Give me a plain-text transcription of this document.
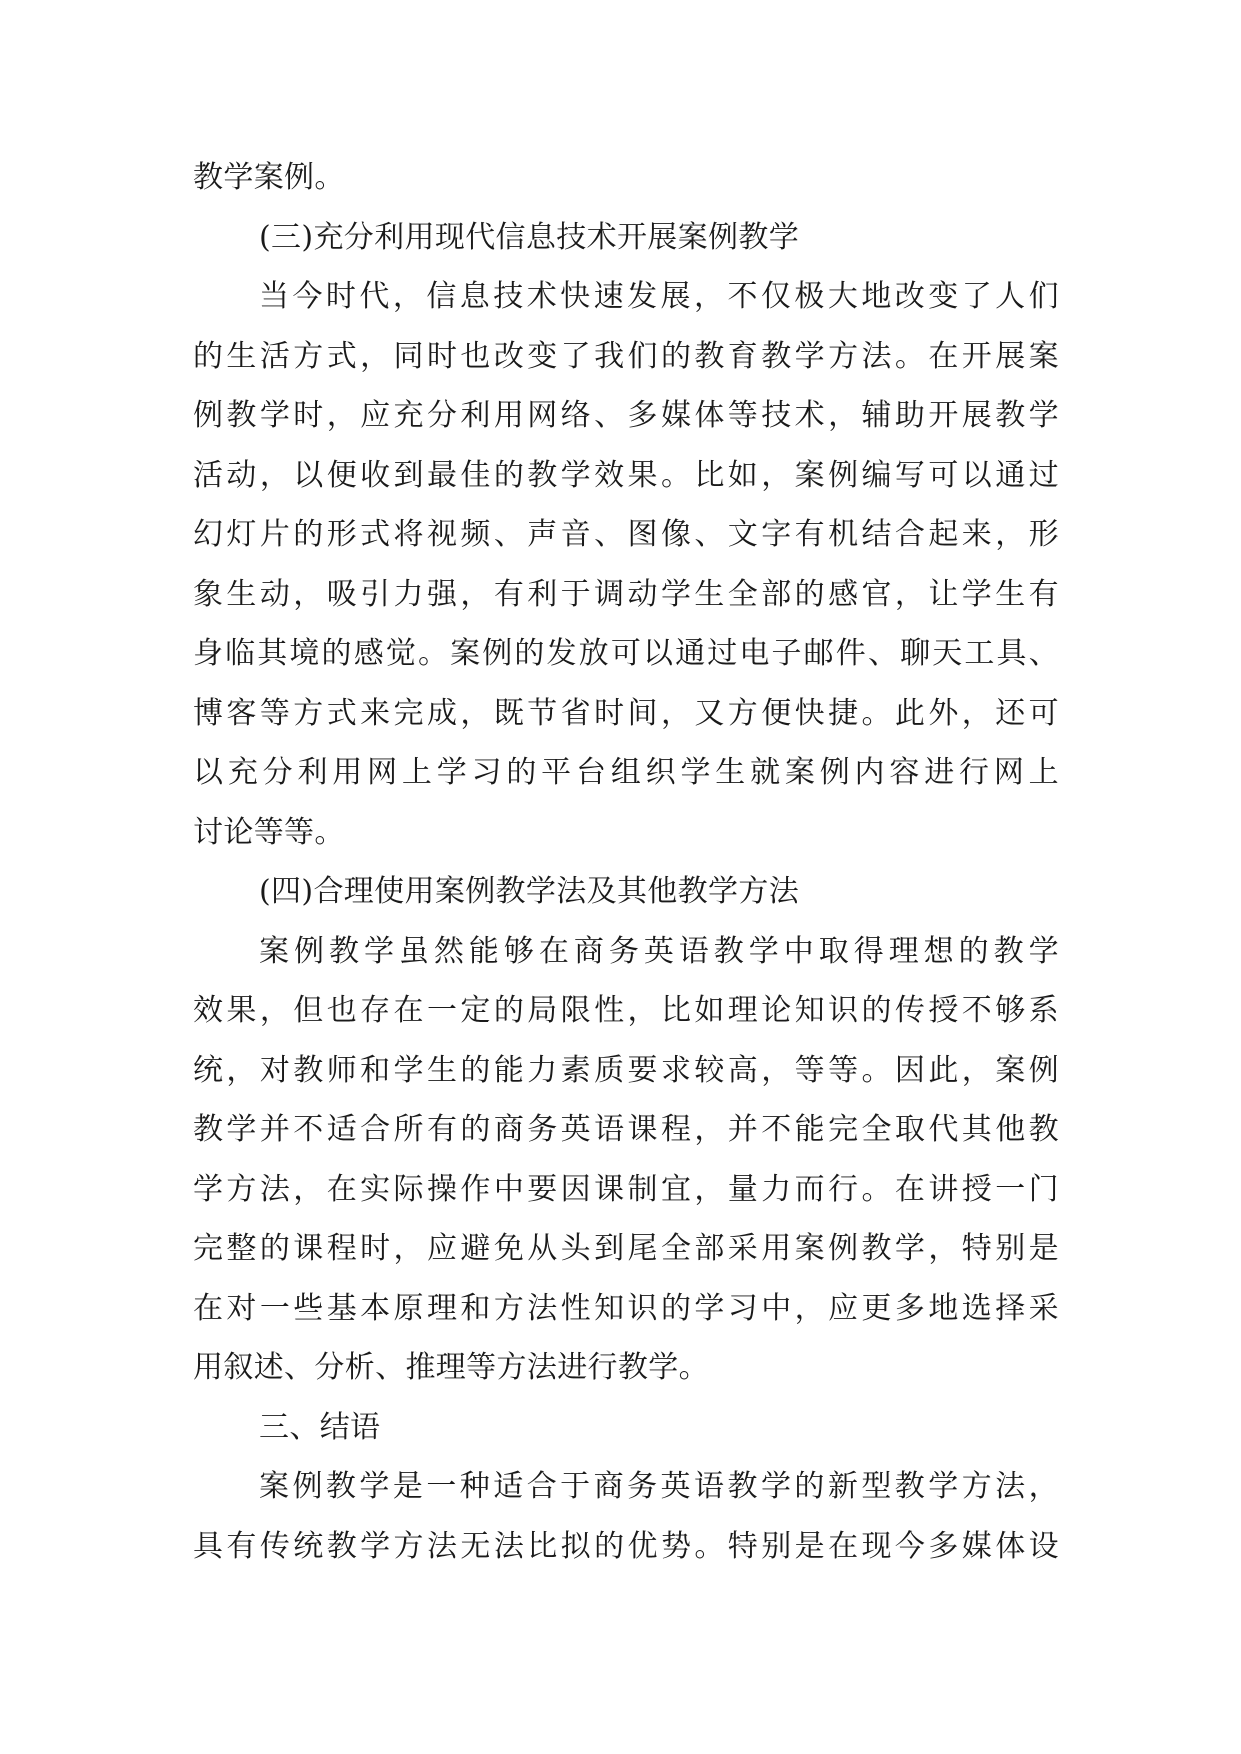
教学案例。
(三)充分利用现代信息技术开展案例教学
当今时代，信息技术快速发展，不仅极大地改变了人们
的生活方式，同时也改变了我们的教育教学方法。在开展案
例教学时，应充分利用网络、多媒体等技术，辅助开展教学
活动，以便收到最佳的教学效果。比如，案例编写可以通过
幻灯片的形式将视频、声音、图像、文字有机结合起来，形
象生动，吸引力强，有利于调动学生全部的感官，让学生有
身临其境的感觉。案例的发放可以通过电子邮件、聊天工具、
博客等方式来完成，既节省时间，又方便快捷。此外，还可
以充分利用网上学习的平台组织学生就案例内容进行网上
讨论等等。
(四)合理使用案例教学法及其他教学方法
案例教学虽然能够在商务英语教学中取得理想的教学
效果，但也存在一定的局限性，比如理论知识的传授不够系
统，对教师和学生的能力素质要求较高，等等。因此，案例
教学并不适合所有的商务英语课程，并不能完全取代其他教
学方法，在实际操作中要因课制宜，量力而行。在讲授一门
完整的课程时，应避免从头到尾全部采用案例教学，特别是
在对一些基本原理和方法性知识的学习中，应更多地选择采
用叙述、分析、推理等方法进行教学。
三、结语
案例教学是一种适合于商务英语教学的新型教学方法，
具有传统教学方法无法比拟的优势。特别是在现今多媒体设
